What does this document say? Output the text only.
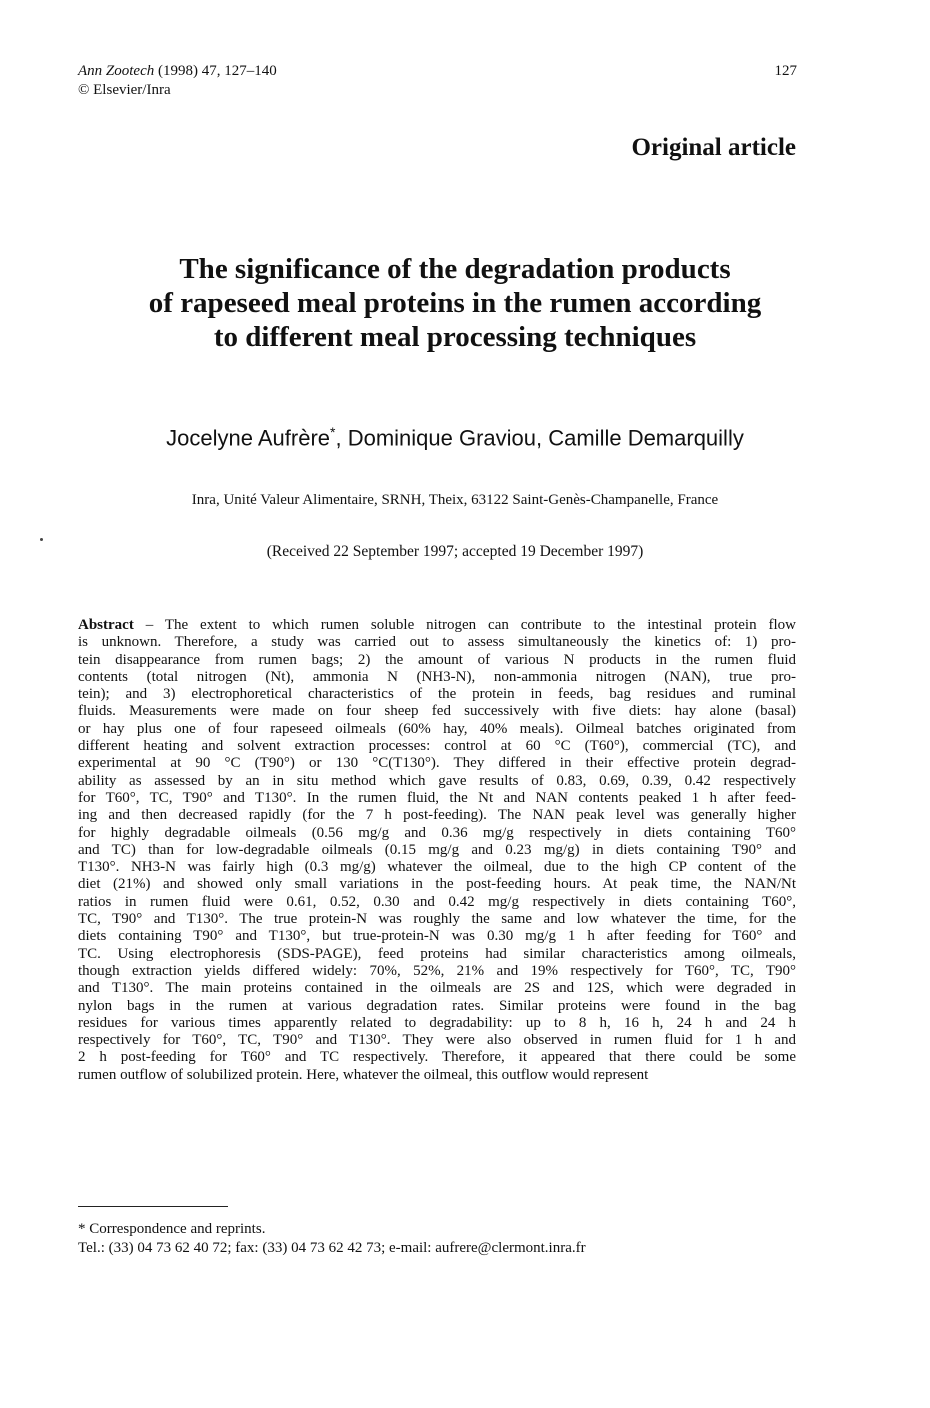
Ann Zootech (1998) 47, 127–140
© Elsevier/Inra
127
Original article
The significance of the degradation products
of rapeseed meal proteins in the rumen according
to different meal processing techniques
Jocelyne Aufrère*, Dominique Graviou, Camille Demarquilly
Inra, Unité Valeur Alimentaire, SRNH, Theix, 63122 Saint-Genès-Champanelle, France
(Received 22 September 1997; accepted 19 December 1997)
Abstract – The extent to which rumen soluble nitrogen can contribute to the intestinal protein flow
is unknown. Therefore, a study was carried out to assess simultaneously the kinetics of: 1) pro-
tein disappearance from rumen bags; 2) the amount of various N products in the rumen fluid
contents (total nitrogen (Nt), ammonia N (NH3-N), non-ammonia nitrogen (NAN), true pro-
tein); and 3) electrophoretical characteristics of the protein in feeds, bag residues and ruminal
fluids. Measurements were made on four sheep fed successively with five diets: hay alone (basal)
or hay plus one of four rapeseed oilmeals (60% hay, 40% meals). Oilmeal batches originated from
different heating and solvent extraction processes: control at 60 °C (T60°), commercial (TC), and
experimental at 90 °C (T90°) or 130 °C(T130°). They differed in their effective protein degrad-
ability as assessed by an in situ method which gave results of 0.83, 0.69, 0.39, 0.42 respectively
for T60°, TC, T90° and T130°. In the rumen fluid, the Nt and NAN contents peaked 1 h after feed-
ing and then decreased rapidly (for the 7 h post-feeding). The NAN peak level was generally higher
for highly degradable oilmeals (0.56 mg/g and 0.36 mg/g respectively in diets containing T60°
and TC) than for low-degradable oilmeals (0.15 mg/g and 0.23 mg/g) in diets containing T90° and
T130°. NH3-N was fairly high (0.3 mg/g) whatever the oilmeal, due to the high CP content of the
diet (21%) and showed only small variations in the post-feeding hours. At peak time, the NAN/Nt
ratios in rumen fluid were 0.61, 0.52, 0.30 and 0.42 mg/g respectively in diets containing T60°,
TC, T90° and T130°. The true protein-N was roughly the same and low whatever the time, for the
diets containing T90° and T130°, but true-protein-N was 0.30 mg/g 1 h after feeding for T60° and
TC. Using electrophoresis (SDS-PAGE), feed proteins had similar characteristics among oilmeals,
though extraction yields differed widely: 70%, 52%, 21% and 19% respectively for T60°, TC, T90°
and T130°. The main proteins contained in the oilmeals are 2S and 12S, which were degraded in
nylon bags in the rumen at various degradation rates. Similar proteins were found in the bag
residues for various times apparently related to degradability: up to 8 h, 16 h, 24 h and 24 h
respectively for T60°, TC, T90° and T130°. They were also observed in rumen fluid for 1 h and
2 h post-feeding for T60° and TC respectively. Therefore, it appeared that there could be some
rumen outflow of solubilized protein. Here, whatever the oilmeal, this outflow would represent
* Correspondence and reprints.
Tel.: (33) 04 73 62 40 72; fax: (33) 04 73 62 42 73; e-mail: aufrere@clermont.inra.fr
